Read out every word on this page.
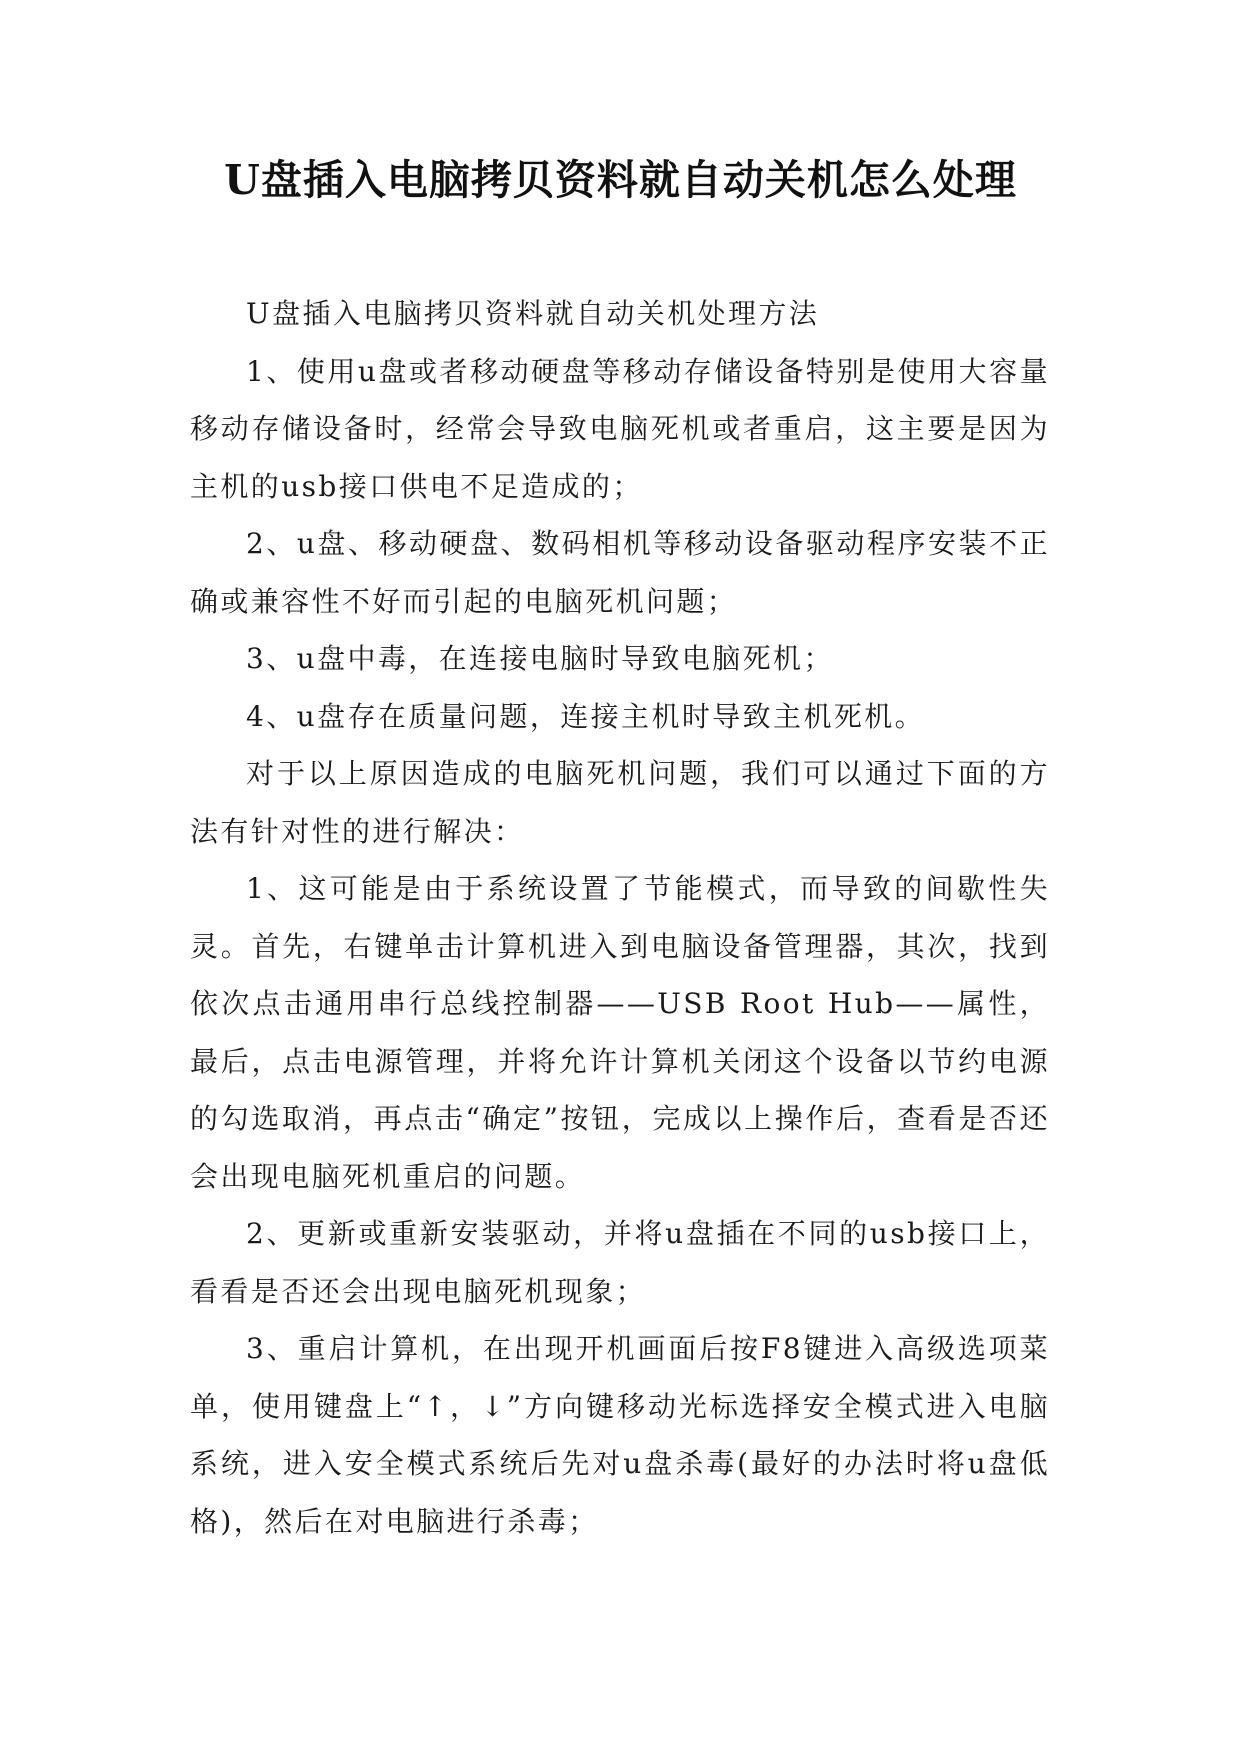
U盘插入电脑拷贝资料就自动关机怎么处理

U盘插入电脑拷贝资料就自动关机处理方法

1、使用u盘或者移动硬盘等移动存储设备特别是使用大容量移动存储设备时，经常会导致电脑死机或者重启，这主要是因为主机的usb接口供电不足造成的；

2、u盘、移动硬盘、数码相机等移动设备驱动程序安装不正确或兼容性不好而引起的电脑死机问题；

3、u盘中毒，在连接电脑时导致电脑死机；

4、u盘存在质量问题，连接主机时导致主机死机。

对于以上原因造成的电脑死机问题，我们可以通过下面的方法有针对性的进行解决：

1、这可能是由于系统设置了节能模式，而导致的间歇性失灵。首先，右键单击计算机进入到电脑设备管理器，其次，找到依次点击通用串行总线控制器——USB Root Hub——属性，最后，点击电源管理，并将允许计算机关闭这个设备以节约电源的勾选取消，再点击“确定”按钮，完成以上操作后，查看是否还会出现电脑死机重启的问题。

2、更新或重新安装驱动，并将u盘插在不同的usb接口上，看看是否还会出现电脑死机现象；

3、重启计算机，在出现开机画面后按F8键进入高级选项菜单，使用键盘上“↑，↓”方向键移动光标选择安全模式进入电脑系统，进入安全模式系统后先对u盘杀毒(最好的办法时将u盘低格)，然后在对电脑进行杀毒；
